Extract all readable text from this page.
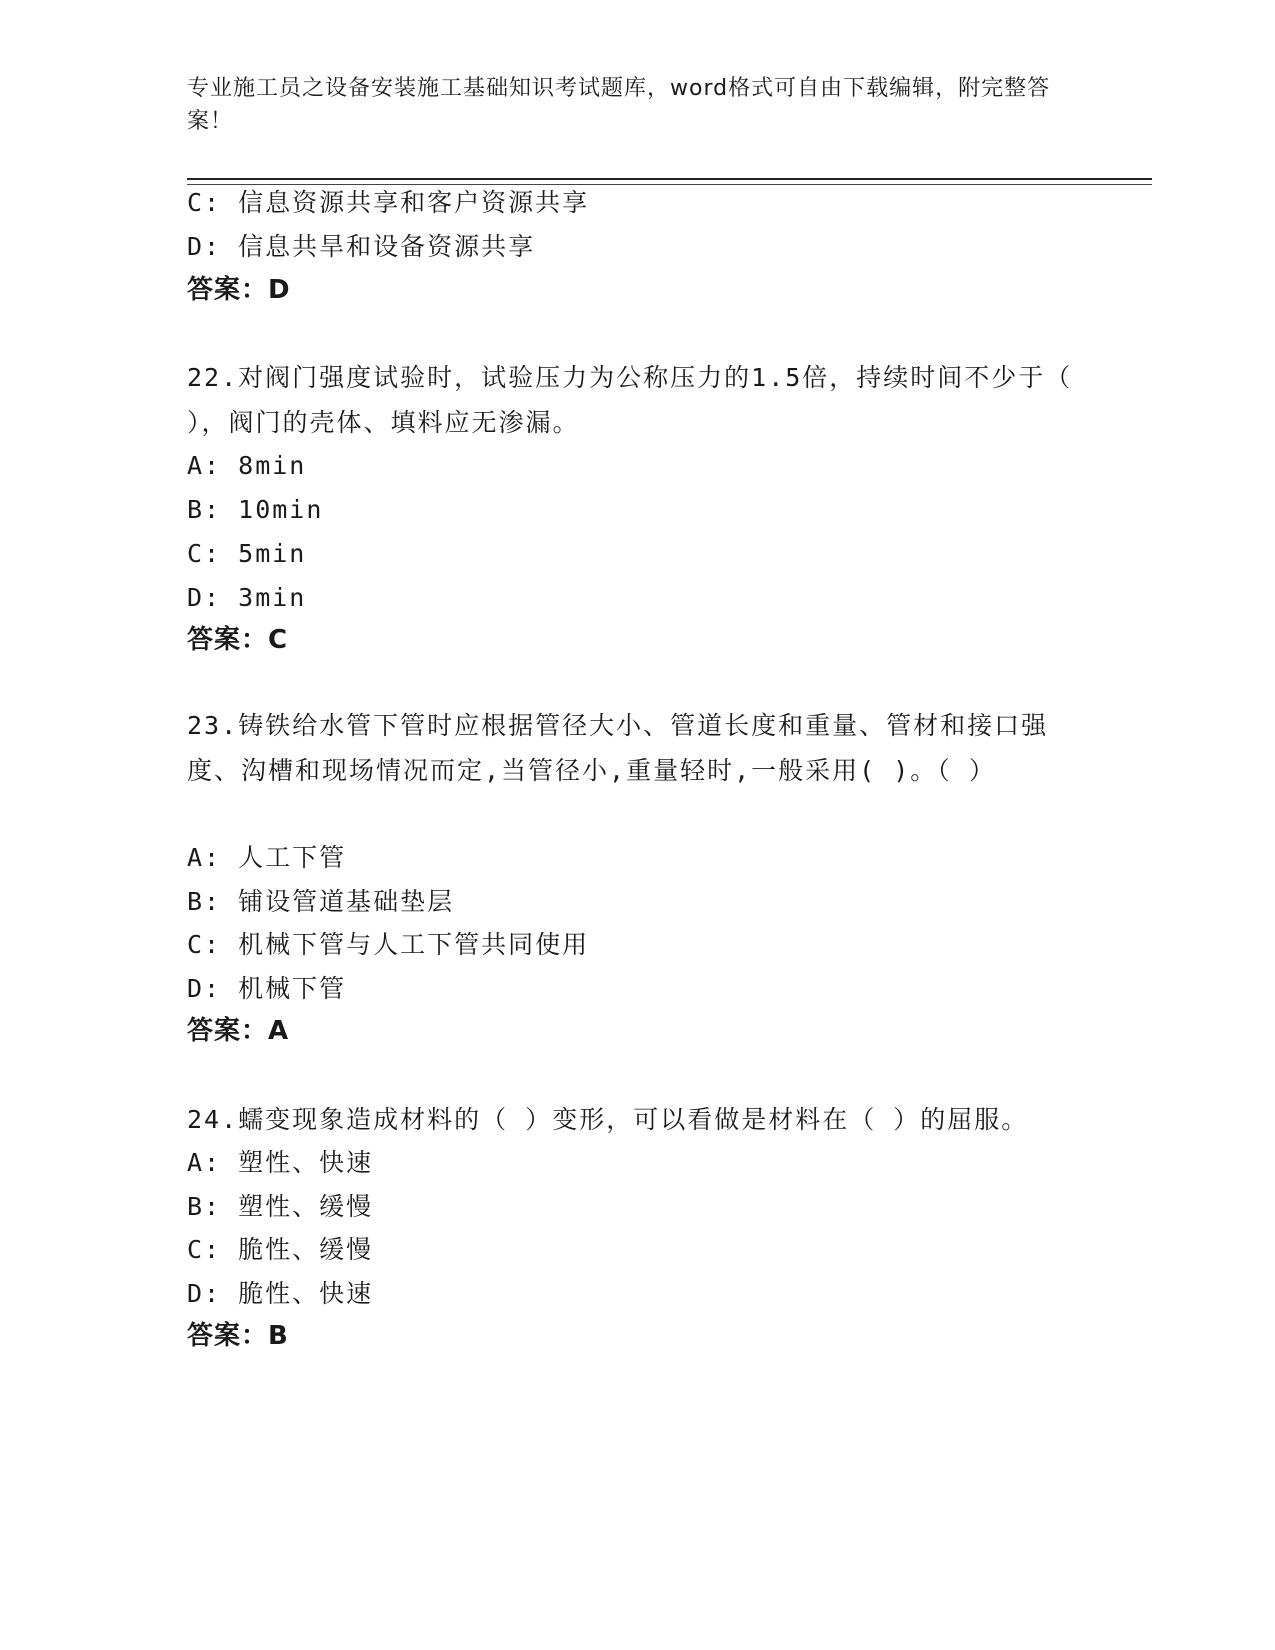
专业施工员之设备安装施工基础知识考试题库，word格式可自由下载编辑，附完整答案！
C: 信息资源共享和客户资源共享
D: 信息共旱和设备资源共享
答案：D
22.对阀门强度试验时，试验压力为公称压力的1.5倍，持续时间不少于（ ），阀门的壳体、填料应无渗漏。
A: 8min
B: 10min
C: 5min
D: 3min
答案：C
23.铸铁给水管下管时应根据管径大小、管道长度和重量、管材和接口强度、沟槽和现场情况而定,当管径小,重量轻时,一般采用( )。（ ）
A: 人工下管
B: 铺设管道基础垫层
C: 机械下管与人工下管共同使用
D: 机械下管
答案：A
24.蠕变现象造成材料的（ ）变形，可以看做是材料在（ ）的屈服。
A: 塑性、快速
B: 塑性、缓慢
C: 脆性、缓慢
D: 脆性、快速
答案：B
